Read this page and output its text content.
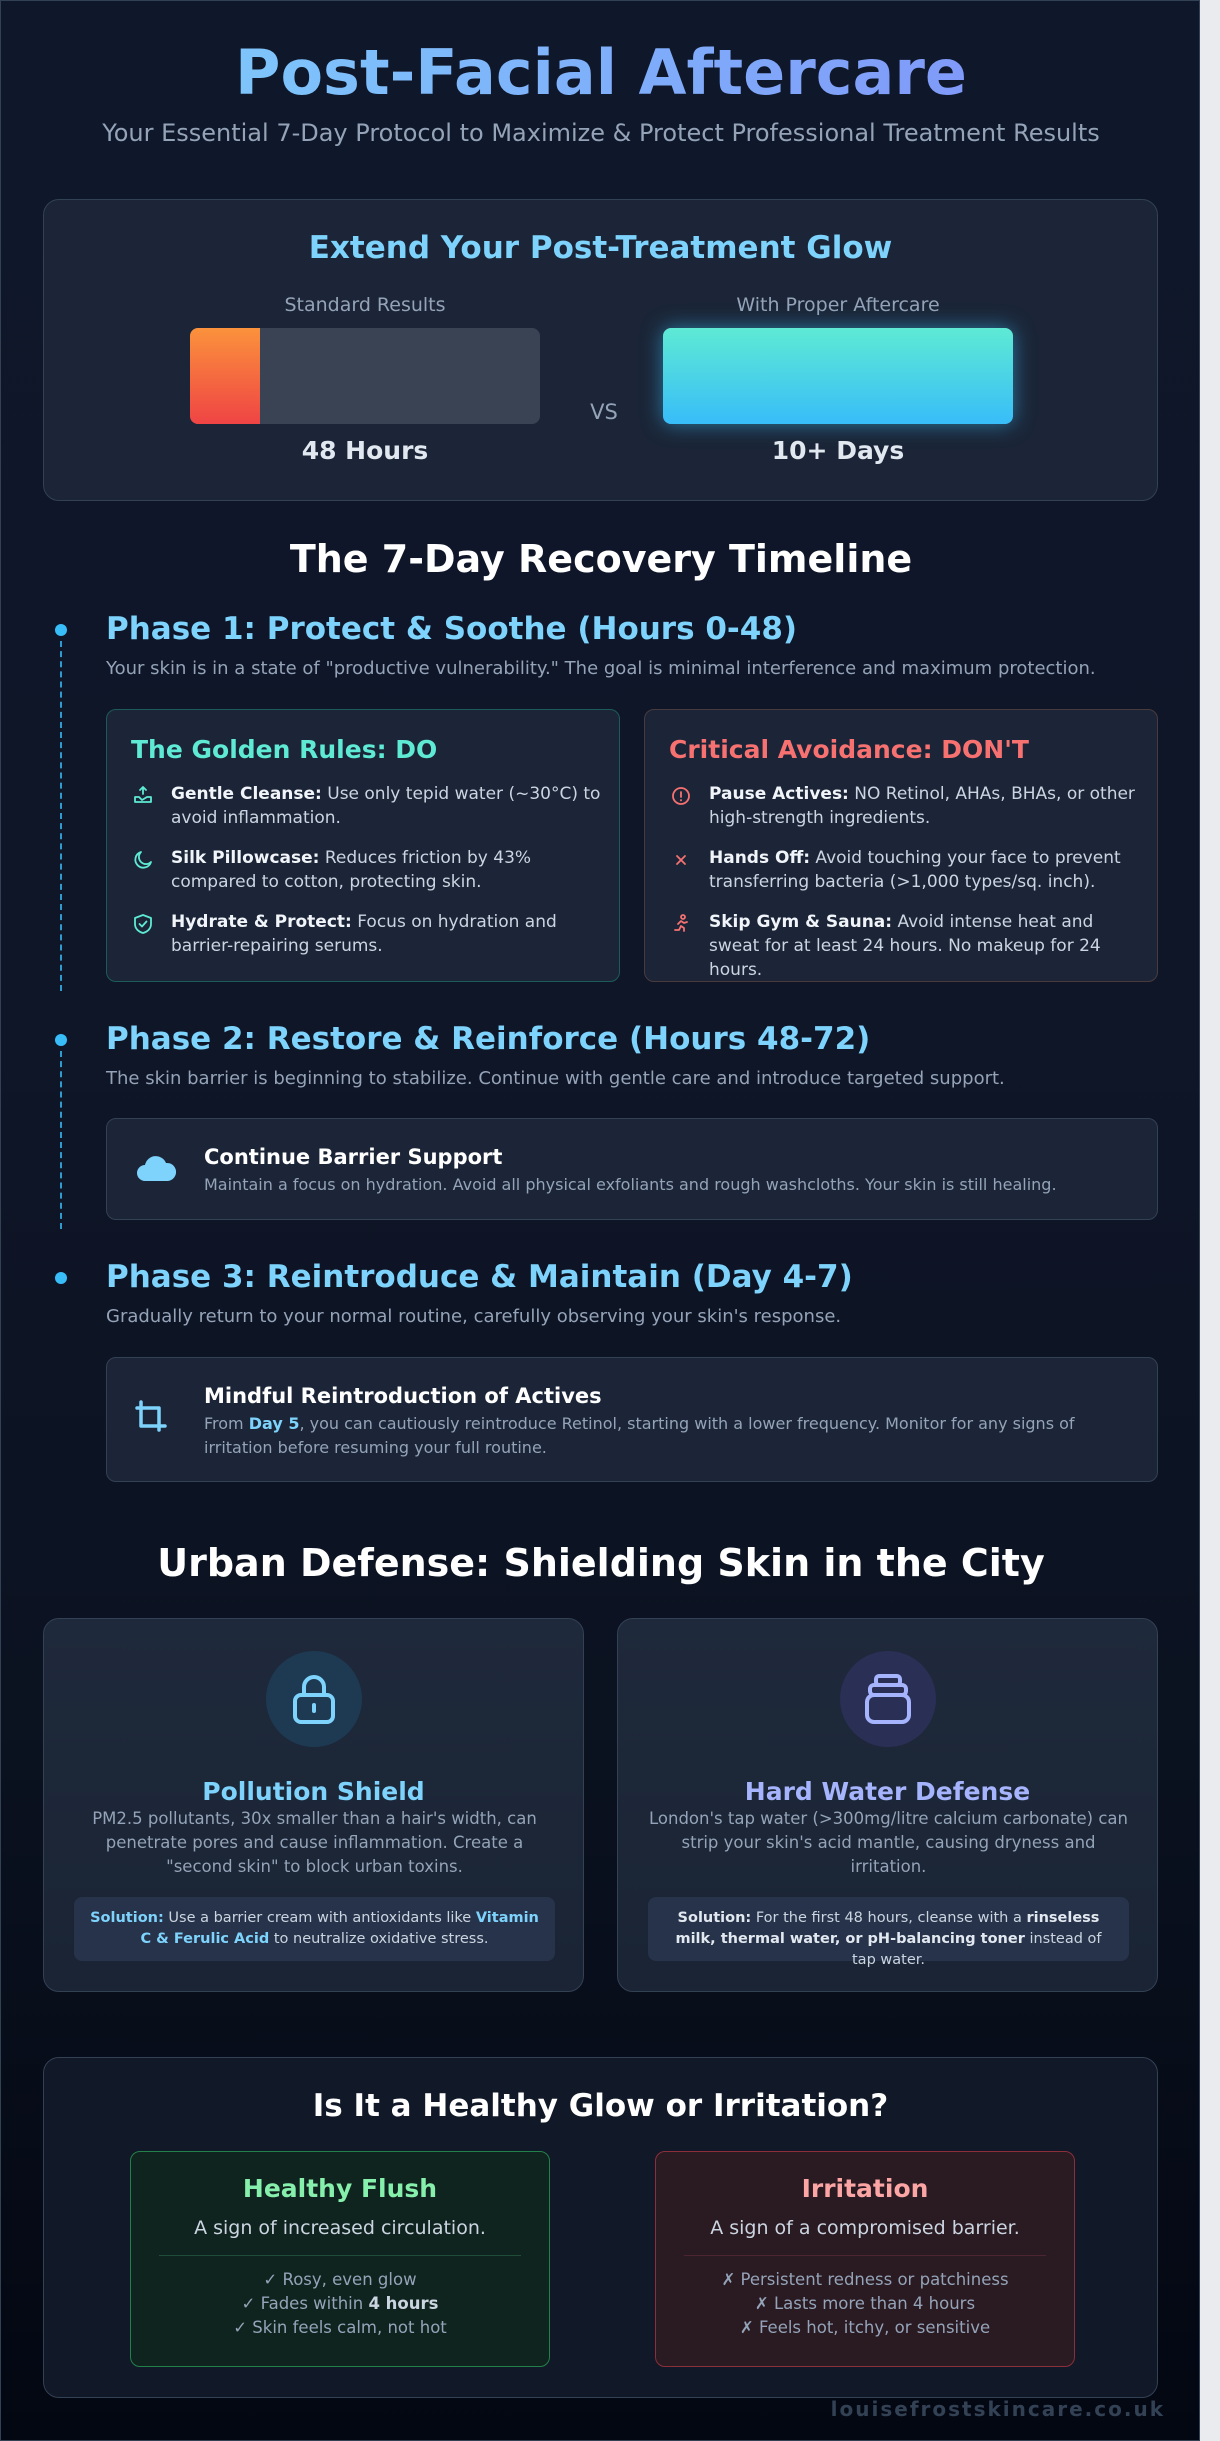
Post-Facial Aftercare
Your Essential 7-Day Protocol to Maximize & Protect Professional Treatment Results
Extend Your Post-Treatment Glow
Standard Results
48 Hours
VS
With Proper Aftercare
10+ Days
The 7-Day Recovery Timeline
Phase 1: Protect & Soothe (Hours 0-48)
Your skin is in a state of "productive vulnerability." The goal is minimal interference and maximum protection.
The Golden Rules: DO
Gentle Cleanse: Use only tepid water (~30°C) to avoid inflammation.
Silk Pillowcase: Reduces friction by 43% compared to cotton, protecting skin.
Hydrate & Protect: Focus on hydration and barrier-repairing serums.
Critical Avoidance: DON'T
Pause Actives: NO Retinol, AHAs, BHAs, or other high-strength ingredients.
Hands Off: Avoid touching your face to prevent transferring bacteria (>1,000 types/sq. inch).
Skip Gym & Sauna: Avoid intense heat and sweat for at least 24 hours. No makeup for 24 hours.
Phase 2: Restore & Reinforce (Hours 48-72)
The skin barrier is beginning to stabilize. Continue with gentle care and introduce targeted support.
Continue Barrier Support
Maintain a focus on hydration. Avoid all physical exfoliants and rough washcloths. Your skin is still healing.
Phase 3: Reintroduce & Maintain (Day 4-7)
Gradually return to your normal routine, carefully observing your skin's response.
Mindful Reintroduction of Actives
From Day 5, you can cautiously reintroduce Retinol, starting with a lower frequency. Monitor for any signs of irritation before resuming your full routine.
Urban Defense: Shielding Skin in the City
Pollution Shield
PM2.5 pollutants, 30x smaller than a hair's width, can penetrate pores and cause inflammation. Create a "second skin" to block urban toxins.
Solution: Use a barrier cream with antioxidants like Vitamin C & Ferulic Acid to neutralize oxidative stress.
Hard Water Defense
London's tap water (>300mg/litre calcium carbonate) can strip your skin's acid mantle, causing dryness and irritation.
Solution: For the first 48 hours, cleanse with a rinseless milk, thermal water, or pH-balancing toner instead of tap water.
Is It a Healthy Glow or Irritation?
Healthy Flush
A sign of increased circulation.
✓ Rosy, even glow
✓ Fades within 4 hours
✓ Skin feels calm, not hot
Irritation
A sign of a compromised barrier.
✗ Persistent redness or patchiness
✗ Lasts more than 4 hours
✗ Feels hot, itchy, or sensitive
louisefrostskincare.co.uk
